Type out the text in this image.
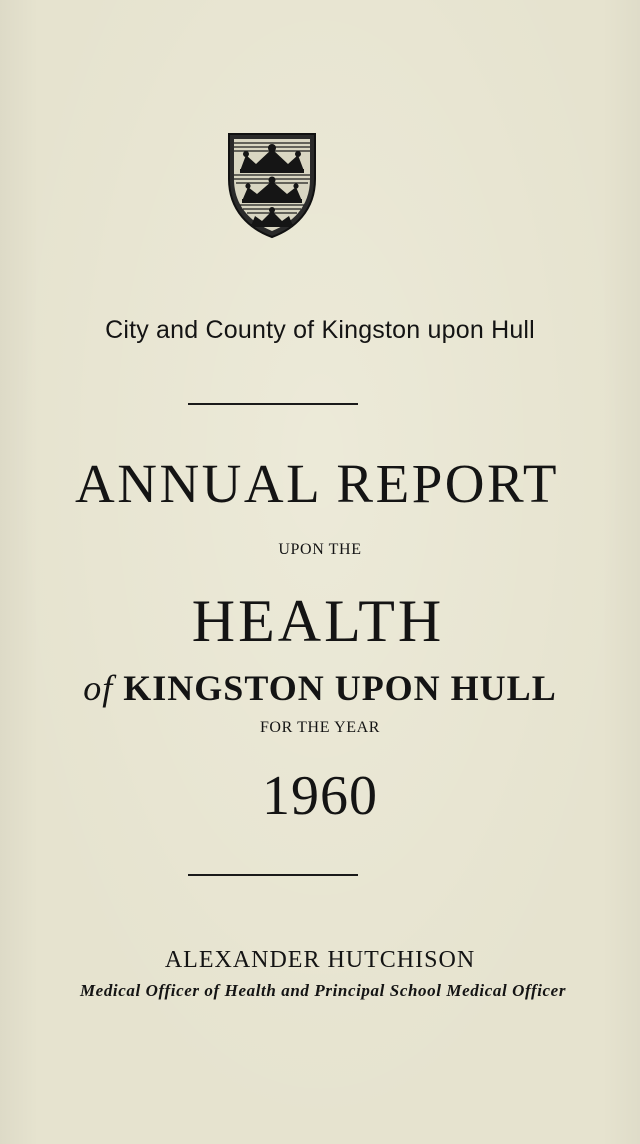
City and County of Kingston upon Hull
ANNUAL REPORT
UPON THE
HEALTH
of KINGSTON UPON HULL
FOR THE YEAR
1960
ALEXANDER HUTCHISON
Medical Officer of Health and Principal School Medical Officer
